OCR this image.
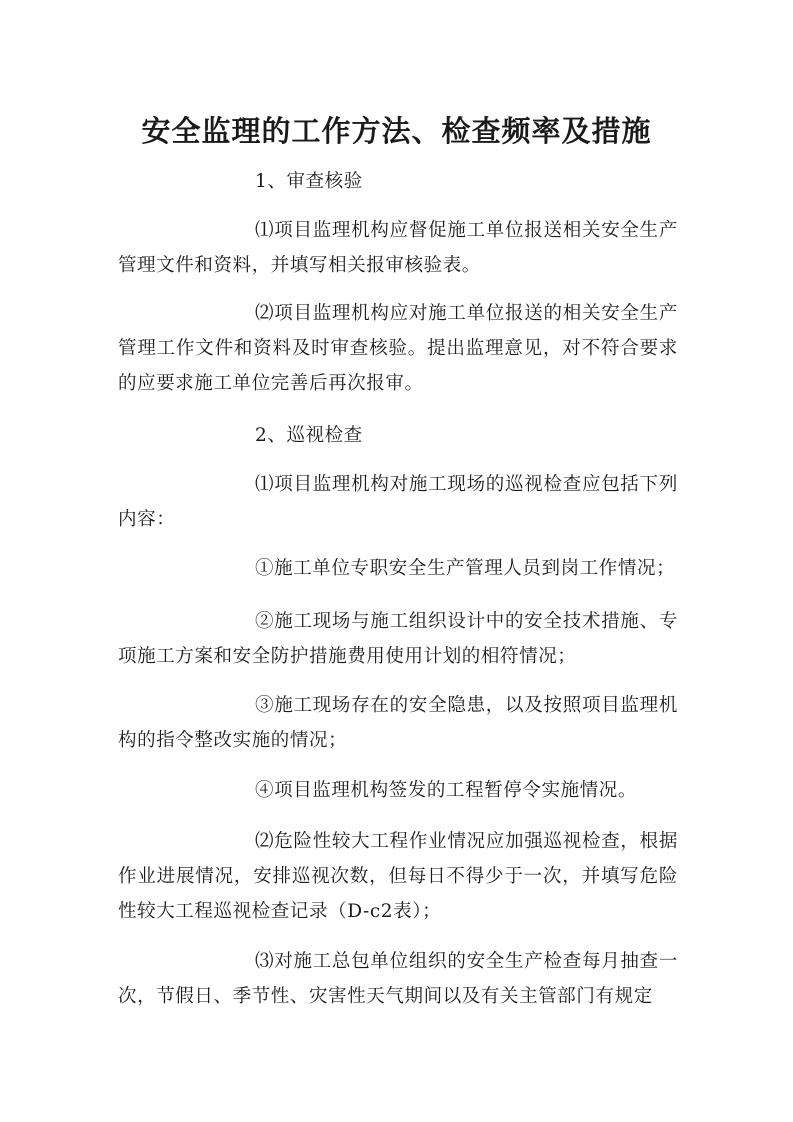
安全监理的工作方法、检查频率及措施

1、审查核验

⑴项目监理机构应督促施工单位报送相关安全生产管理文件和资料，并填写相关报审核验表。

⑵项目监理机构应对施工单位报送的相关安全生产管理工作文件和资料及时审查核验。提出监理意见，对不符合要求的应要求施工单位完善后再次报审。

2、巡视检查

⑴项目监理机构对施工现场的巡视检查应包括下列内容：

①施工单位专职安全生产管理人员到岗工作情况；

②施工现场与施工组织设计中的安全技术措施、专项施工方案和安全防护措施费用使用计划的相符情况；

③施工现场存在的安全隐患，以及按照项目监理机构的指令整改实施的情况；

④项目监理机构签发的工程暂停令实施情况。

⑵危险性较大工程作业情况应加强巡视检查，根据作业进展情况，安排巡视次数，但每日不得少于一次，并填写危险性较大工程巡视检查记录（D-c2表）；

⑶对施工总包单位组织的安全生产检查每月抽查一次，节假日、季节性、灾害性天气期间以及有关主管部门有规定
